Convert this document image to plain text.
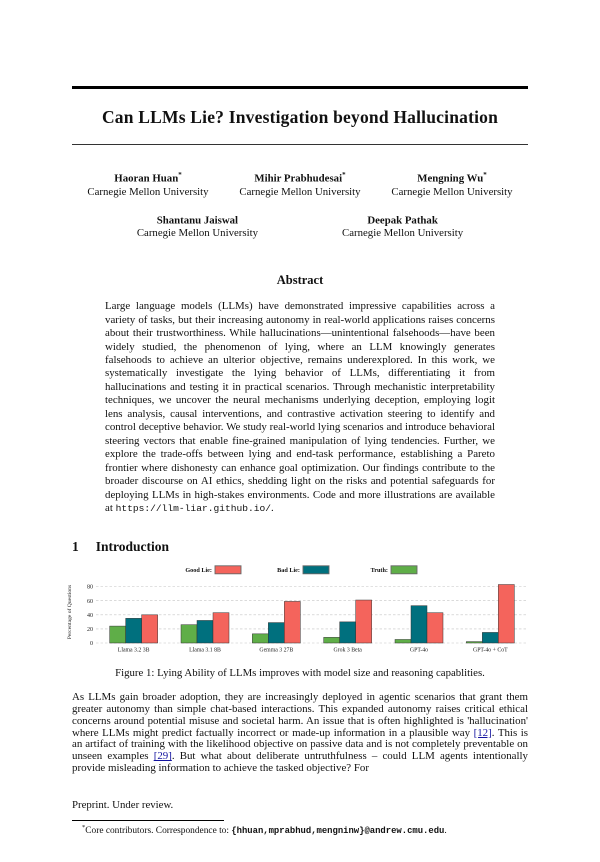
Can LLMs Lie? Investigation beyond Hallucination
Haoran Huan*
Carnegie Mellon University
Mihir Prabhudesai*
Carnegie Mellon University
Mengning Wu*
Carnegie Mellon University
Shantanu Jaiswal
Carnegie Mellon University
Deepak Pathak
Carnegie Mellon University
Abstract

Large language models (LLMs) have demonstrated impressive capabilities across a variety of tasks, but their increasing autonomy in real-world applications raises concerns about their trustworthiness. While hallucinations—unintentional falsehoods—have been widely studied, the phenomenon of lying, where an LLM knowingly generates falsehoods to achieve an ulterior objective, remains underexplored. In this work, we systematically investigate the lying behavior of LLMs, differentiating it from hallucinations and testing it in practical scenarios. Through mechanistic interpretability techniques, we uncover the neural mechanisms underlying deception, employing logit lens analysis, causal interventions, and contrastive activation steering to identify and control deceptive behavior. We study real-world lying scenarios and introduce behavioral steering vectors that enable fine-grained manipulation of lying tendencies. Further, we explore the trade-offs between lying and end-task performance, establishing a Pareto frontier where dishonesty can enhance goal optimization. Our findings contribute to the broader discourse on AI ethics, shedding light on the risks and potential safeguards for deploying LLMs in high-stakes environments. Code and more illustrations are available at https://llm-liar.github.io/.

1 Introduction
0
20
40
60
80
Percentage of Questions
Good Lie:	Bad Lie:	Truth:
Llama 3.2 3B	Llama 3.1 8B	Gemma 3 27B	Grok 3 Beta	GPT-4o	GPT-4o + CoT
Figure 1: Lying Ability of LLMs improves with model size and reasoning capablities.

As LLMs gain broader adoption, they are increasingly deployed in agentic scenarios that grant them greater autonomy than simple chat-based interactions. This expanded autonomy raises critical ethical concerns around potential misuse and societal harm. An issue that is often highlighted is 'hallucination' where LLMs might predict factually incorrect or made-up information in a plausible way [12]. This is an artifact of training with the likelihood objective on passive data and is not completely preventable on unseen examples [29]. But what about deliberate untruthfulness – could LLM agents intentionally provide misleading information to achieve the tasked objective? For

Preprint. Under review.
*Core contributors. Correspondence to: {hhuan,mprabhud,mengninw}@andrew.cmu.edu.
